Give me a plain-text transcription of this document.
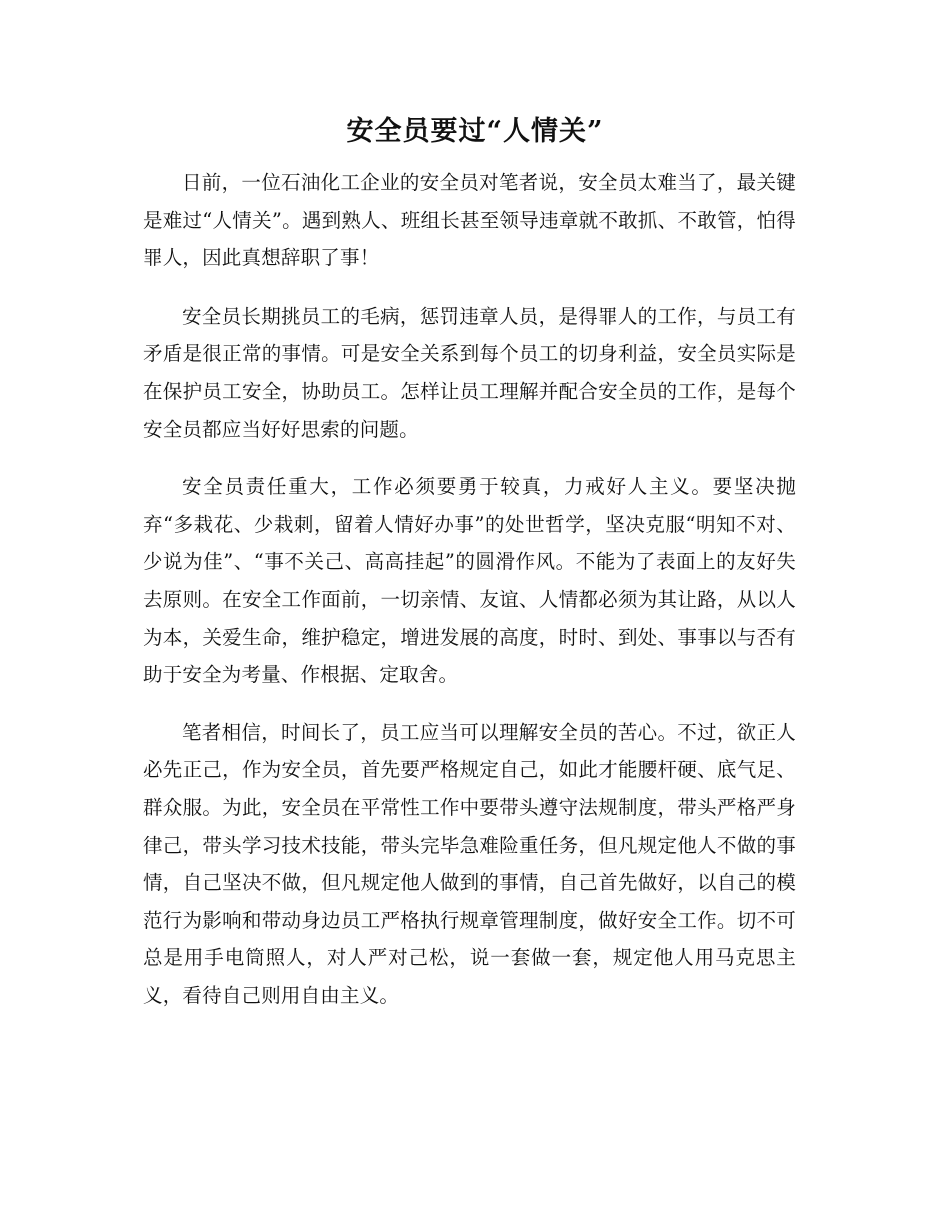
安全员要过“人情关”

日前，一位石油化工企业的安全员对笔者说，安全员太难当了，最关键是难过“人情关”。遇到熟人、班组长甚至领导违章就不敢抓、不敢管，怕得罪人，因此真想辞职了事！

安全员长期挑员工的毛病，惩罚违章人员，是得罪人的工作，与员工有矛盾是很正常的事情。可是安全关系到每个员工的切身利益，安全员实际是在保护员工安全，协助员工。怎样让员工理解并配合安全员的工作，是每个安全员都应当好好思索的问题。

安全员责任重大，工作必须要勇于较真，力戒好人主义。要坚决抛弃“多栽花、少栽刺，留着人情好办事”的处世哲学，坚决克服“明知不对、少说为佳”、“事不关己、高高挂起”的圆滑作风。不能为了表面上的友好失去原则。在安全工作面前，一切亲情、友谊、人情都必须为其让路，从以人为本，关爱生命，维护稳定，增进发展的高度，时时、到处、事事以与否有助于安全为考量、作根据、定取舍。

笔者相信，时间长了，员工应当可以理解安全员的苦心。不过，欲正人必先正己，作为安全员，首先要严格规定自己，如此才能腰杆硬、底气足、群众服。为此，安全员在平常性工作中要带头遵守法规制度，带头严格严身律己，带头学习技术技能，带头完毕急难险重任务，但凡规定他人不做的事情，自己坚决不做，但凡规定他人做到的事情，自己首先做好，以自己的模范行为影响和带动身边员工严格执行规章管理制度，做好安全工作。切不可总是用手电筒照人，对人严对己松，说一套做一套，规定他人用马克思主义，看待自己则用自由主义。
